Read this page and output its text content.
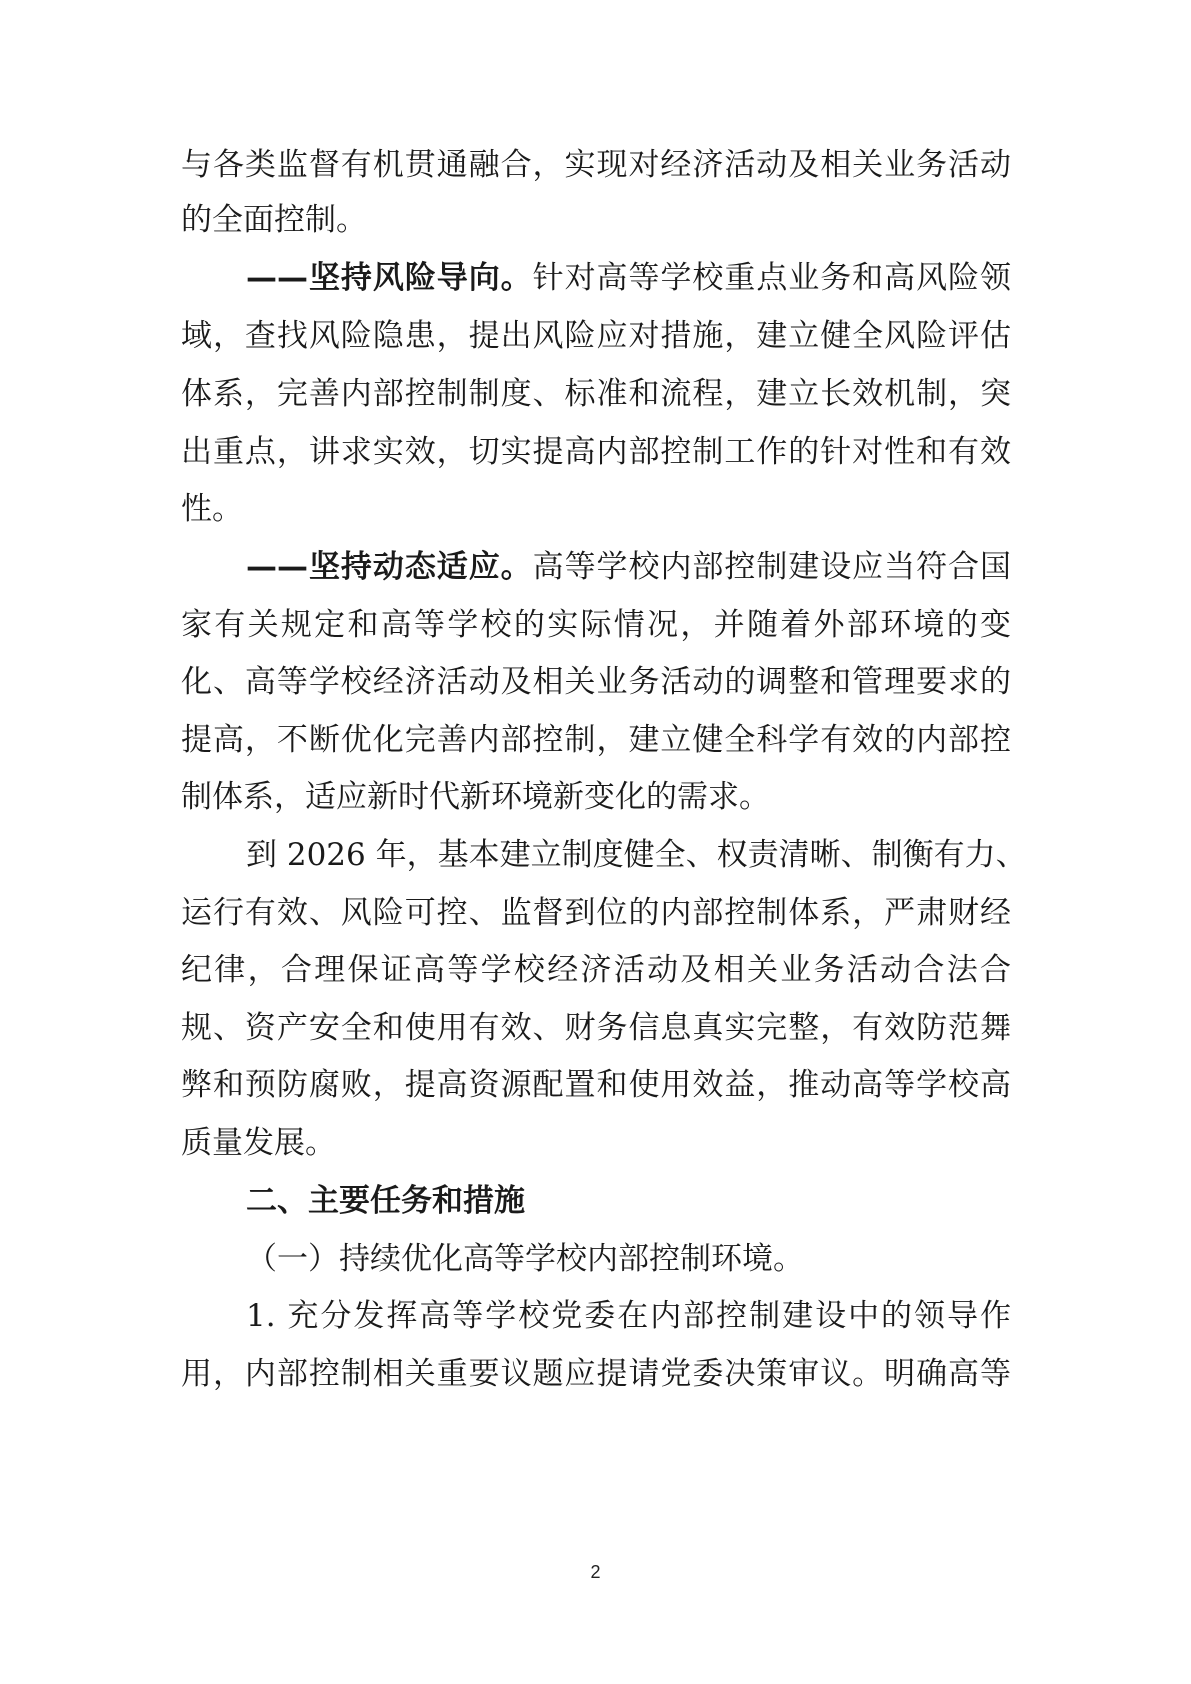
与各类监督有机贯通融合，实现对经济活动及相关业务活动
的全面控制。
——坚持风险导向。针对高等学校重点业务和高风险领
域，查找风险隐患，提出风险应对措施，建立健全风险评估
体系，完善内部控制制度、标准和流程，建立长效机制，突
出重点，讲求实效，切实提高内部控制工作的针对性和有效
性。
——坚持动态适应。高等学校内部控制建设应当符合国
家有关规定和高等学校的实际情况，并随着外部环境的变
化、高等学校经济活动及相关业务活动的调整和管理要求的
提高，不断优化完善内部控制，建立健全科学有效的内部控
制体系，适应新时代新环境新变化的需求。
到 2026 年，基本建立制度健全、权责清晰、制衡有力、
运行有效、风险可控、监督到位的内部控制体系，严肃财经
纪律，合理保证高等学校经济活动及相关业务活动合法合
规、资产安全和使用有效、财务信息真实完整，有效防范舞
弊和预防腐败，提高资源配置和使用效益，推动高等学校高
质量发展。
二、主要任务和措施
（一）持续优化高等学校内部控制环境。
1. 充分发挥高等学校党委在内部控制建设中的领导作
用，内部控制相关重要议题应提请党委决策审议。明确高等
2
